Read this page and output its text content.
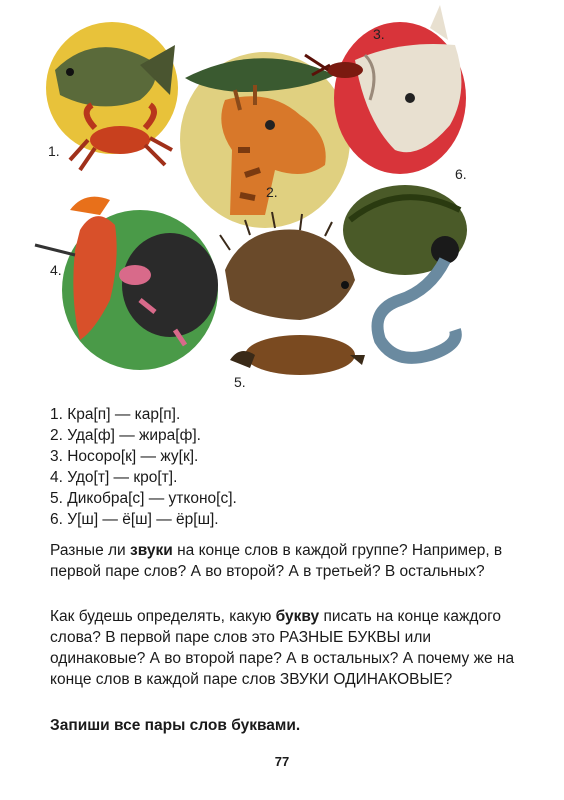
1.
2.
3.
4.
5.
6.
1. Кра[п] — кар[п].
2. Уда[ф] — жира[ф].
3. Носоро[к] — жу[к].
4. Удо[т] — кро[т].
5. Дикобра[с] — утконо[с].
6. У[ш] — ё[ш] — ёр[ш].
Разные ли звуки на конце слов в каждой группе? Например, в первой паре слов? А во второй? А в третьей? В остальных?
Как будешь определять, какую букву писать на конце каждого слова? В первой паре слов это РАЗНЫЕ БУКВЫ или одинаковые? А во второй паре? А в остальных? А почему же на конце слов в каждой паре слов ЗВУКИ ОДИНАКОВЫЕ?
Запиши все пары слов буквами.
77
